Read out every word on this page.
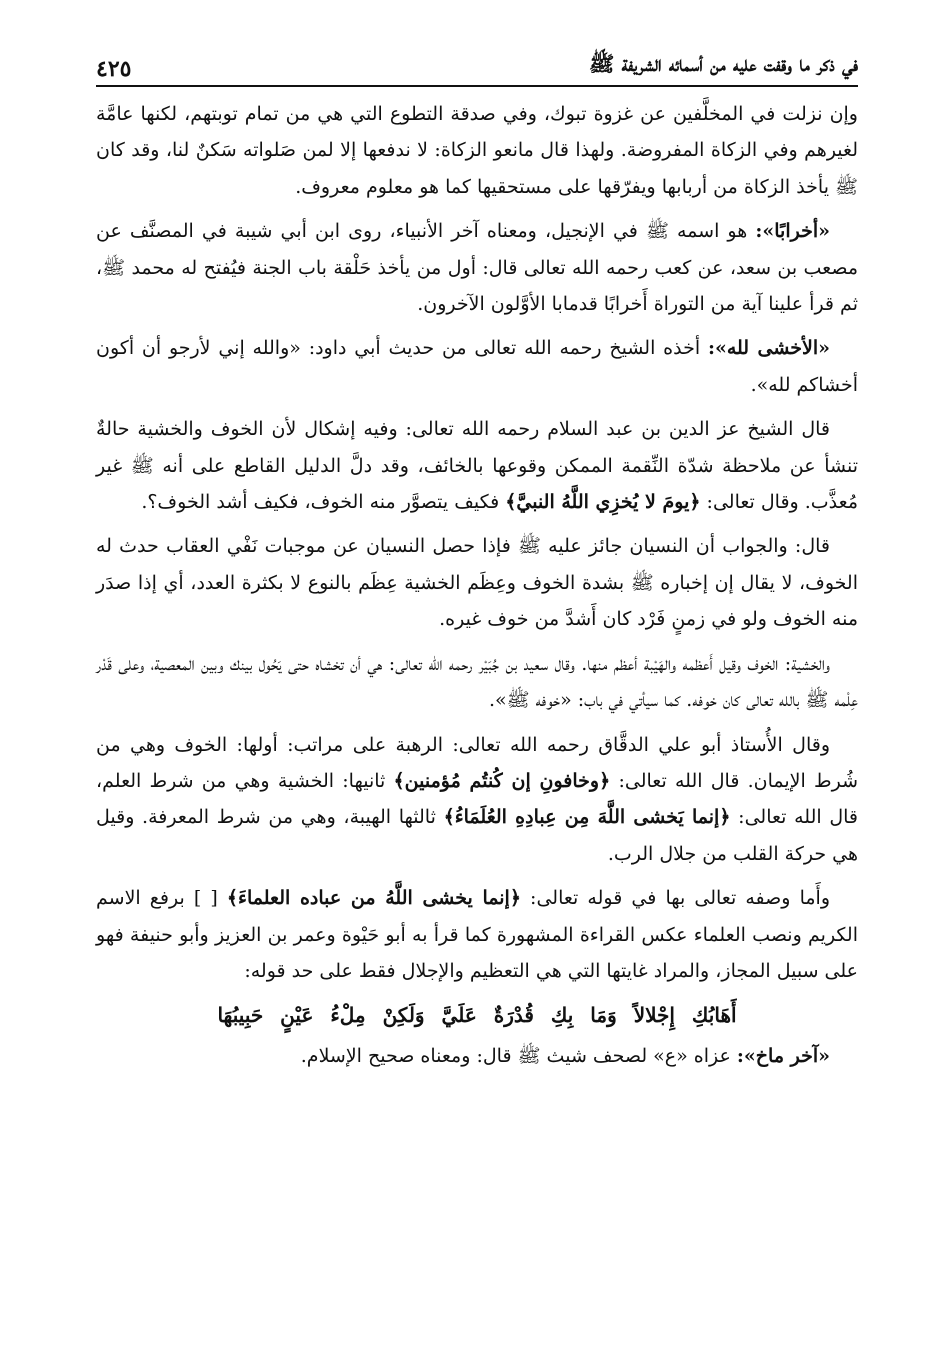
في ذكر ما وقفت عليه من أسمائه الشريفة ﷺ
٤٢٥
وإن نزلت في المخلَّفين عن غزوة تبوك، وفي صدقة التطوع التي هي من تمام توبتهم، لكنها عامَّة لغيرهم وفي الزكاة المفروضة. ولهذا قال مانعو الزكاة: لا ندفعها إلا لمن صَلواته سَكنٌ لنا، وقد كان ﷺ يأخذ الزكاة من أربابها ويفرّقها على مستحقيها كما هو معلوم معروف.
«أخرابًا»: هو اسمه ﷺ في الإنجيل، ومعناه آخر الأنبياء، روى ابن أبي شيبة في المصنَّف عن مصعب بن سعد، عن كعب رحمه الله تعالى قال: أول من يأخذ حَلْقة باب الجنة فيُفتح له محمد ﷺ، ثم قرأ علينا آية من التوراة أَخرابًا قدمابا الأوَّلون الآخرون.
«الأخشى لله»: أخذه الشيخ رحمه الله تعالى من حديث أبي داود: «والله إني لأرجو أن أكون أخشاكم لله».
قال الشيخ عز الدين بن عبد السلام رحمه الله تعالى: وفيه إشكال لأن الخوف والخشية حالةٌ تنشأ عن ملاحظة شدّة النِّقمة الممكن وقوعها بالخائف، وقد دلَّ الدليل القاطع على أنه ﷺ غير مُعذَّب. وقال تعالى: ﴿يومَ لا يُخزِي اللَّهُ النبيَّ﴾ فكيف يتصوَّر منه الخوف، فكيف أشد الخوف؟.
قال: والجواب أن النسيان جائز عليه ﷺ فإذا حصل النسيان عن موجبات نَفْي العقاب حدث له الخوف، لا يقال إن إخباره ﷺ بشدة الخوف وعِظَم الخشية عِظَم بالنوع لا بكثرة العدد، أي إذا صدَر منه الخوف ولو في زمنٍ فَرْد كان أَشدَّ من خوف غيره.
والخشية: الخوف وقيل أَعظمه والهَيْبة أعظم منها. وقال سعيد بن جُبَيْر رحمه الله تعالى: هي أن تخشاه حتى يَحُول بينك وبين المعصية، وعلى قَدْر عِلْمه ﷺ بالله تعالى كان خوفه. كما سيأتي في باب: «خوفه ﷺ».
وقال الأُستاذ أبو علي الدقَّاق رحمه الله تعالى: الرهبة على مراتب: أولها: الخوف وهي من شُرط الإيمان. قال الله تعالى: ﴿وخافونِ إن كُنتُم مُؤمنين﴾ ثانيها: الخشية وهي من شرط العلم، قال الله تعالى: ﴿إنما يَخشى اللَّهَ مِن عِبادِهِ العُلَمَاءُ﴾ ثالثها الهيبة، وهي من شرط المعرفة. وقيل هي حركة القلب من جلال الرب.
وأَما وصفه تعالى بها في قوله تعالى: ﴿إنما يخشى اللَّهُ من عباده العلماءَ﴾ [ ] برفع الاسم الكريم ونصب العلماء عكس القراءة المشهورة كما قرأ به أبو حَيْوة وعمر بن العزيز وأبو حنيفة فهو على سبيل المجاز، والمراد غايتها التي هي التعظيم والإجلال فقط على حد قوله:
أَهَابُكِ إِجْلالاً وَمَا بِكِ قُدْرَةٌ عَلَيَّ وَلَكِنْ مِلْءُ عَيْنٍ حَبِيبُهَا
«آخر ماخ»: عزاه «ع» لصحف شيث ﷺ قال: ومعناه صحيح الإسلام.
